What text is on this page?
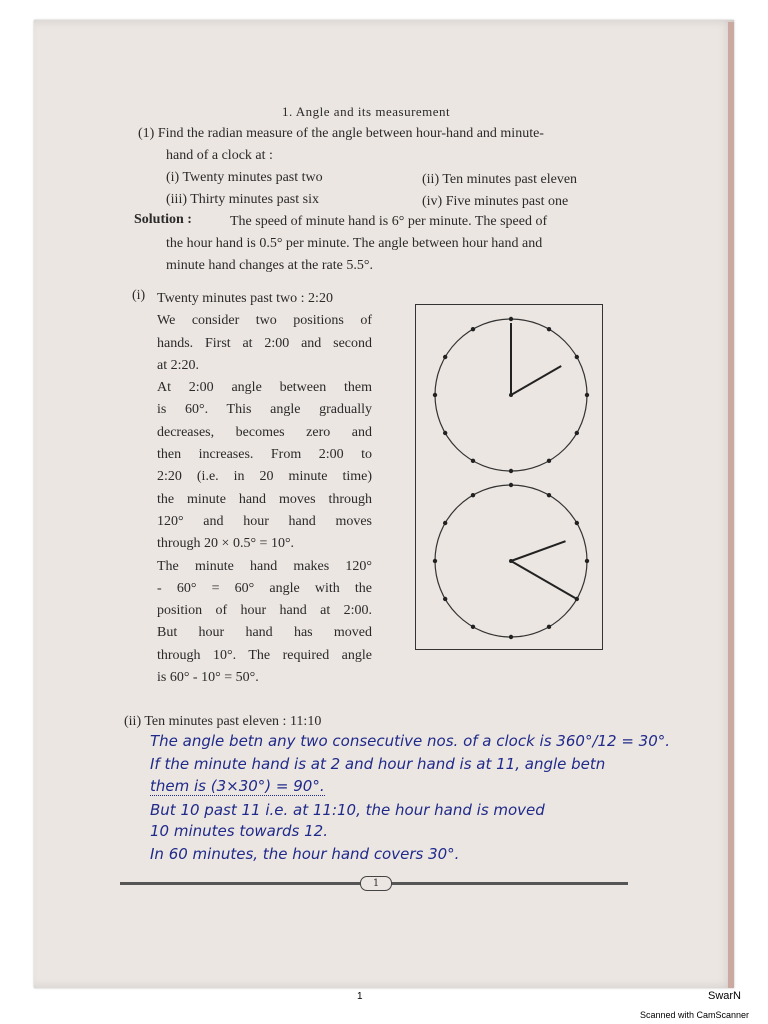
1. Angle and its measurement
(1) Find the radian measure of the angle between hour-hand and minute-
hand of a clock at :
(i) Twenty minutes past two	(ii) Ten minutes past eleven
(iii) Thirty minutes past six	(iv) Five minutes past one
Solution :	The speed of minute hand is 6° per minute. The speed of
the hour hand is 0.5° per minute. The angle between hour hand and
minute hand changes at the rate 5.5°.
(i) Twenty minutes past two : 2:20
We consider two positions of
hands. First at 2:00 and second
at 2:20.
At 2:00 angle between them
is 60°. This angle gradually
decreases, becomes zero and
then increases. From 2:00 to
2:20 (i.e. in 20 minute time)
the minute hand moves through
120° and hour hand moves
through 20 × 0.5° = 10°.
The minute hand makes 120°
- 60° = 60° angle with the
position of hour hand at 2:00.
But hour hand has moved
through 10°. The required angle
is 60° - 10° = 50°.
(ii) Ten minutes past eleven : 11:10
The angle betn any two consecutive nos. of a clock is 360°/12 = 30°.
If the minute hand is at 2 and hour hand is at 11, angle betn
them is (3×30°) = 90°.
But 10 past 11 i.e. at 11:10, the hour hand is moved
10 minutes towards 12.
In 60 minutes, the hour hand covers 30°.
1
1	SwarN
Scanned with CamScanner
